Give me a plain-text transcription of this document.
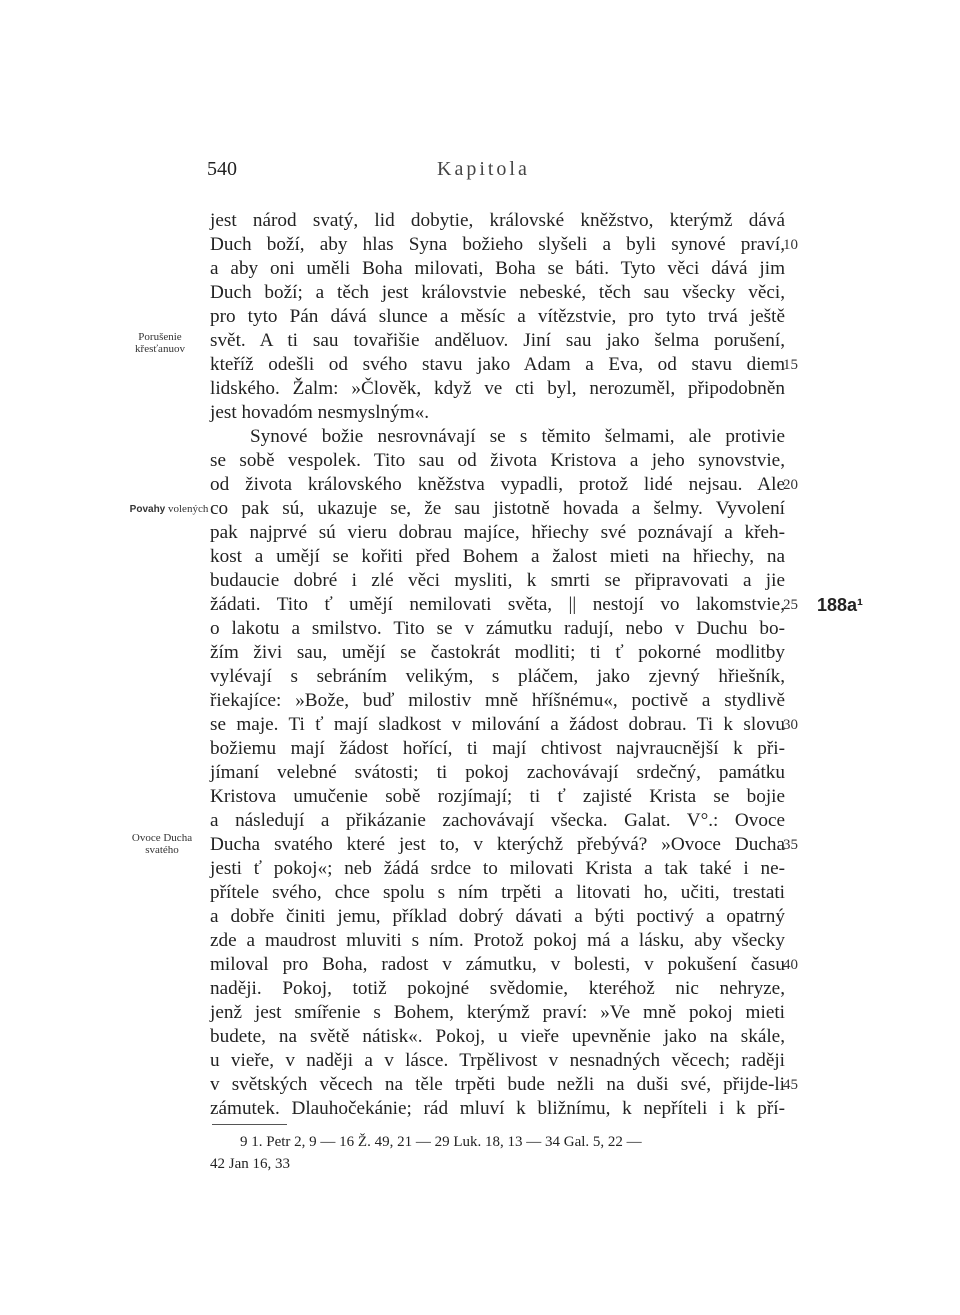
540	Kapitola
jest národ svatý, lid dobytie, královské kněžstvo, kterýmž dává
Duch boží, aby hlas Syna božieho slyšeli a byli synové praví,
a aby oni uměli Boha milovati, Boha se báti. Tyto věci dává jim
Duch boží; a těch jest královstvie nebeské, těch sau všecky věci,
pro tyto Pán dává slunce a měsíc a vítězstvie, pro tyto trvá ještě
svět. A ti sau tovařišie anděluov. Jiní sau jako šelma porušení,
kteříž odešli od svého stavu jako Adam a Eva, od stavu diem
lidského. Žalm: »Člověk, když ve cti byl, nerozuměl, připodobněn
jest hovadóm nesmyslným«.
Synové božie nesrovnávají se s těmito šelmami, ale protivie
se sobě vespolek. Tito sau od života Kristova a jeho synovstvie,
od života královského kněžstva vypadli, protož lidé nejsau. Ale
co pak sú, ukazuje se, že sau jistotně hovada a šelmy. Vyvolení
pak najprvé sú vieru dobrau majíce, hřiechy své poznávají a křeh-
kost a umějí se kořiti před Bohem a žalost mieti na hřiechy, na
budaucie dobré i zlé věci mysliti, k smrti se připravovati a jie
žádati. Tito ť umějí nemilovati světa, || nestojí vo lakomstvie,
o lakotu a smilstvo. Tito se v zámutku radují, nebo v Duchu bo-
žím živi sau, umějí se častokrát modliti; ti ť pokorné modlitby
vylévají s sebráním velikým, s pláčem, jako zjevný hřiešník,
řiekajíce: »Bože, buď milostiv mně hříšnému«, poctivě a stydlivě
se maje. Ti ť mají sladkost v milování a žádost dobrau. Ti k slovu
božiemu mají žádost hořící, ti mají chtivost najvraucnější k při-
jímaní velebné svátosti; ti pokoj zachovávají srdečný, památku
Kristova umučenie sobě rozjímají; ti ť zajisté Krista se bojie
a následují a přikázanie zachovávají všecka. Galat. V°.: Ovoce
Ducha svatého které jest to, v kterýchž přebývá? »Ovoce Ducha
jesti ť pokoj«; neb žádá srdce to milovati Krista a tak také i ne-
přítele svého, chce spolu s ním trpěti a litovati ho, učiti, trestati
a dobře činiti jemu, příklad dobrý dávati a býti poctivý a opatrný
zde a maudrost mluviti s ním. Protož pokoj má a lásku, aby všecky
miloval pro Boha, radost v zámutku, v bolesti, v pokušení času
naději. Pokoj, totiž pokojné svědomie, kteréhož nic nehryze,
jenž jest smířenie s Bohem, kterýmž praví: »Ve mně pokoj mieti
budete, na světě nátisk«. Pokoj, u vieře upevněnie jako na skále,
u vieře, v naději a v lásce. Trpělivost v nesnadných věcech; raději
v světských věcech na těle trpěti bude nežli na duši své, přijde-li
zámutek. Dlauhočekánie; rád mluví k bližnímu, k nepříteli i k pří-
10
15
20
25
30
35
40
45
188a¹
Porušenie křesťanuov
Povahy volených
Ovoce Ducha svatého
9 1. Petr 2, 9 — 16 Ž. 49, 21 — 29 Luk. 18, 13 — 34 Gal. 5, 22 —
42 Jan 16, 33
